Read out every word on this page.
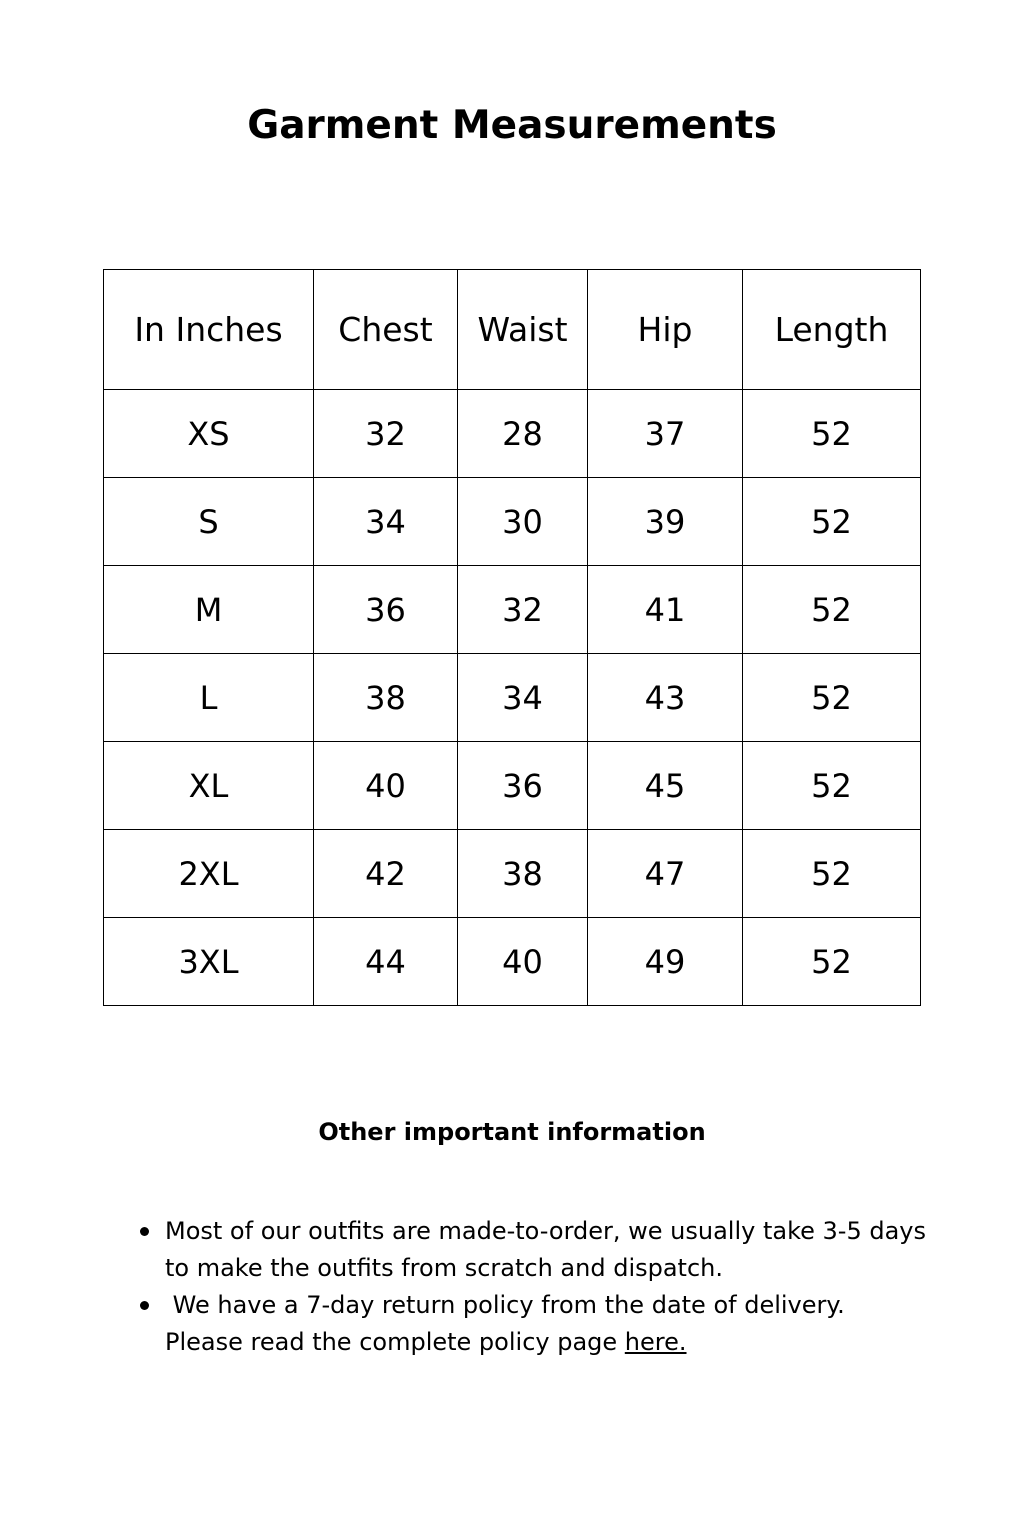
Garment Measurements
In Inches	Chest	Waist	Hip	Length
XS	32	28	37	52
S	34	30	39	52
M	36	32	41	52
L	38	34	43	52
XL	40	36	45	52
2XL	42	38	47	52
3XL	44	40	49	52
Other important information
Most of our outfits are made-to-order, we usually take 3-5 days to make the outfits from scratch and dispatch.
We have a 7-day return policy from the date of delivery. Please read the complete policy page here.
